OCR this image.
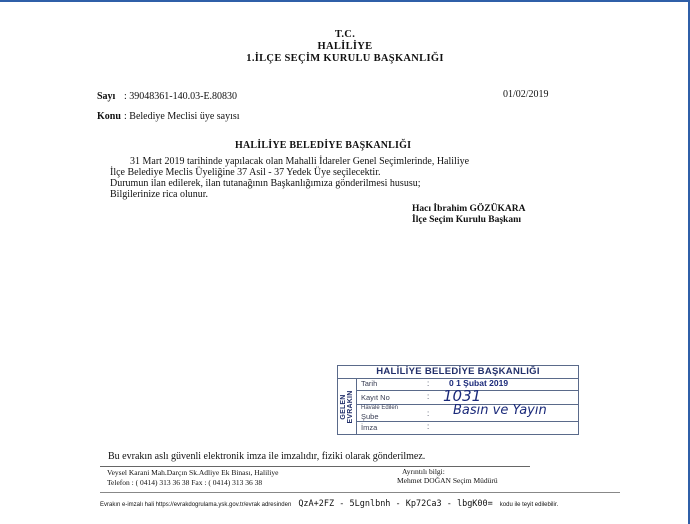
T.C.
HALİLİYE
1.İLÇE SEÇİM KURULU BAŞKANLIĞI
Sayı : 39048361-140.03-E.80830	01/02/2019
Konu : Belediye Meclisi üye sayısı
HALİLİYE BELEDİYE BAŞKANLIĞI
31 Mart 2019 tarihinde yapılacak olan Mahalli İdareler Genel Seçimlerinde, Haliliye
İlçe Belediye Meclis Üyeliğine 37 Asil - 37 Yedek Üye seçilecektir.
Durumun ilan edilerek, ilan tutanağının Başkanlığımıza gönderilmesi hususu;
Bilgilerinize rica olunur.
Hacı İbrahim GÖZÜKARA
İlçe Seçim Kurulu Başkanı
HALİLİYE BELEDİYE BAŞKANLIĞI
GELEN EVRAKIN
Tarih	: 0 1 Şubat 2019
Kayıt No	: 1031
Havale Edilen
Şube	: Basın ve Yayın
İmza	:
Bu evrakın aslı güvenli elektronik imza ile imzalıdır, fiziki olarak gönderilmez.
Veysel Karani Mah.Darçın Sk.Adliye Ek Binası, Haliliye
Telefon : ( 0414) 313 36 38 Fax : ( 0414) 313 36 38
Ayrıntılı bilgi:
Mehmet DOĞAN Seçim Müdürü
Evrakın e-imzalı hali https://evrakdogrulama.ysk.gov.tr/evrak adresinden QzA+2FZ - 5Lgnlbnh - Kp72Ca3 - lbgK00= kodu ile teyit edilebilir.
